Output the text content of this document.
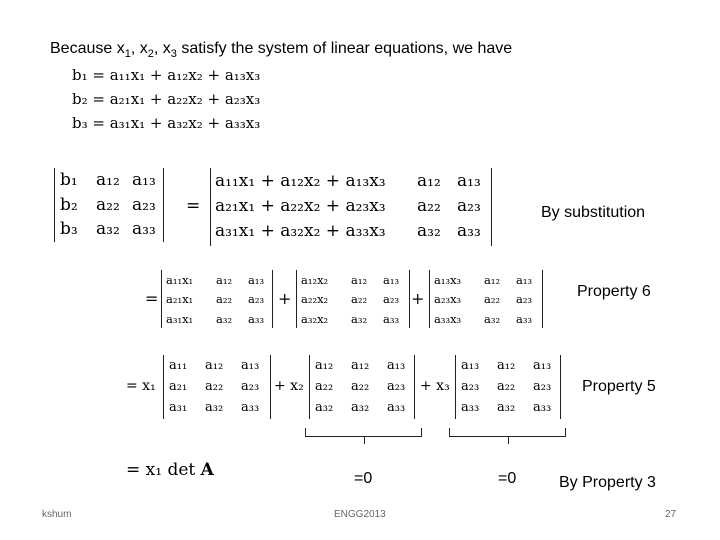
Because $x_1$, $x_2$, $x_3$ satisfy the system of linear equations, we have
b₁ = a₁₁x₁ + a₁₂x₂ + a₁₃x₃
b₂ = a₂₁x₁ + a₂₂x₂ + a₂₃x₃
b₃ = a₃₁x₁ + a₃₂x₂ + a₃₃x₃
b₁	a₁₂ a₁₃
b₂	a₂₂ a₂₃
b₃	a₃₂ a₃₃
=
a₁₁x₁ + a₁₂x₂ + a₁₃x₃	a₁₂ a₁₃
a₂₁x₁ + a₂₂x₂ + a₂₃x₃	a₂₂ a₂₃
a₃₁x₁ + a₃₂x₂ + a₃₃x₃	a₃₂ a₃₃
By substitution
=
a₁₁x₁	a₁₂	a₁₃
a₂₁x₁	a₂₂	a₂₃
a₃₁x₁	a₃₂	a₃₃
+
a₁₂x₂	a₁₂	a₁₃
a₂₂x₂	a₂₂	a₂₃
a₃₂x₂	a₃₂	a₃₃
+
a₁₃x₃	a₁₂	a₁₃
a₂₃x₃	a₂₂	a₂₃
a₃₃x₃	a₃₂	a₃₃
Property 6
= x₁
a₁₁	a₁₂	a₁₃
a₂₁	a₂₂	a₂₃
a₃₁	a₃₂	a₃₃
+ x₂
a₁₂	a₁₂	a₁₃
a₂₂	a₂₂	a₂₃
a₃₂	a₃₂	a₃₃
+ x₃
a₁₃	a₁₂	a₁₃
a₂₃	a₂₂	a₂₃
a₃₃	a₃₂	a₃₃
Property 5
= x₁ det A	=0	=0	By Property 3
kshum	ENGG2013	27
